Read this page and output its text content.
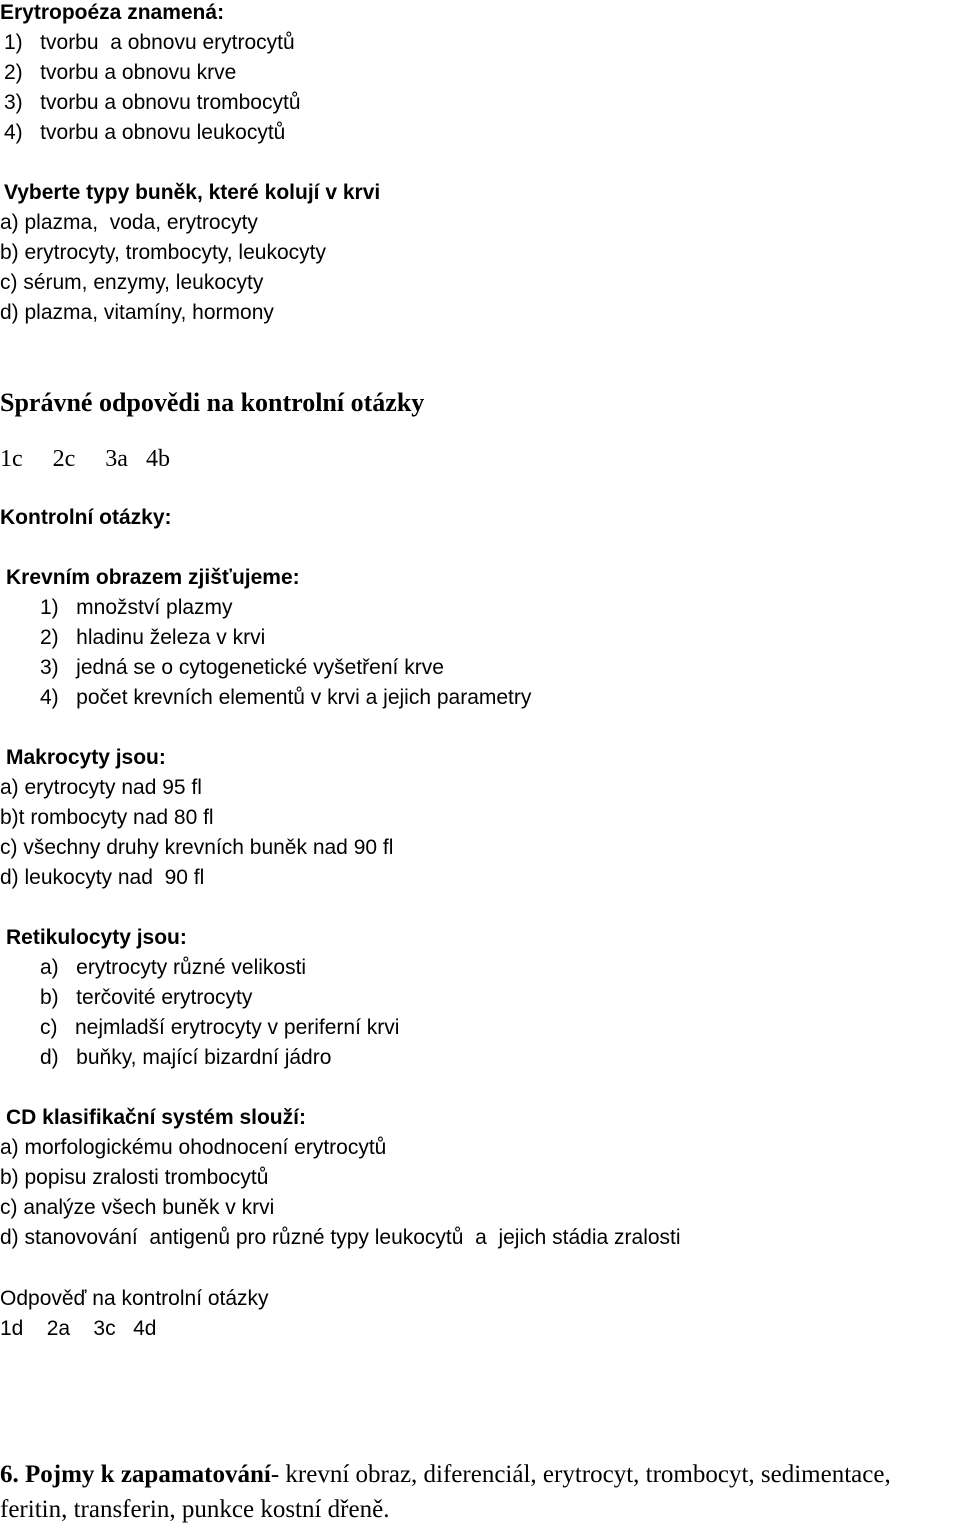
Erytropoéza znamená:
1)   tvorbu  a obnovu erytrocytů
2)   tvorbu a obnovu krve
3)   tvorbu a obnovu trombocytů
4)   tvorbu a obnovu leukocytů
Vyberte typy buněk, které kolují v krvi
a) plazma,  voda, erytrocyty
b) erytrocyty, trombocyty, leukocyty
c) sérum, enzymy, leukocyty
d) plazma, vitamíny, hormony
Správné odpovědi na kontrolní otázky
1c     2c     3a   4b
Kontrolní otázky:
Krevním obrazem zjišťujeme:
1)   množství plazmy
2)   hladinu železa v krvi
3)   jedná se o cytogenetické vyšetření krve
4)   počet krevních elementů v krvi a jejich parametry
Makrocyty jsou:
a) erytrocyty nad 95 fl
b)t rombocyty nad 80 fl
c) všechny druhy krevních buněk nad 90 fl
d) leukocyty nad  90 fl
Retikulocyty jsou:
a)   erytrocyty různé velikosti
b)   terčovité erytrocyty
c)   nejmladší erytrocyty v periferní krvi
d)   buňky, mající bizardní jádro
CD klasifikační systém slouží:
a) morfologickému ohodnocení erytrocytů
b) popisu zralosti trombocytů
c) analýze všech buněk v krvi
d) stanovování  antigenů pro různé typy leukocytů  a  jejich stádia zralosti
Odpověď na kontrolní otázky
1d    2a    3c   4d
6. Pojmy k zapamatování- krevní obraz, diferenciál, erytrocyt, trombocyt, sedimentace,
feritin, transferin, punkce kostní dřeně.
